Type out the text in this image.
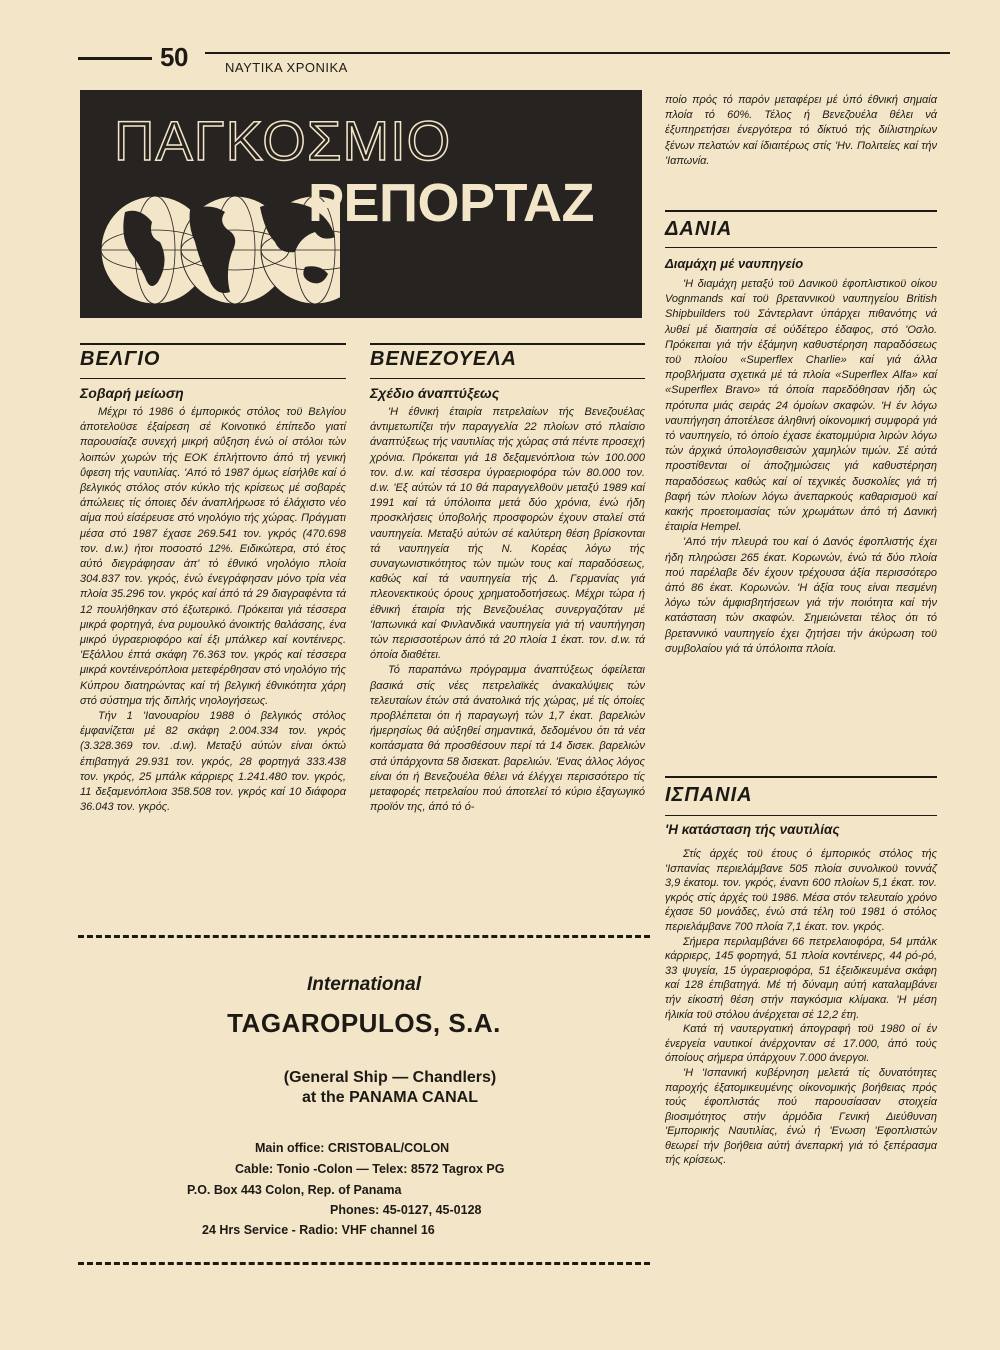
50	ΝΑΥΤΙΚΑ ΧΡΟΝΙΚΑ
ΠΑΓΚΟΣΜΙΟ
ΡΕΠΟΡΤΑΖ
ΒΕΛΓΙΟ
Σοβαρή μείωση

Μέχρι τό 1986 ό έμπορικός στόλος τοϋ Βελγίου άποτελοϋσε έξαίρεση σέ Κοινοτικό έπίπεδο γιατί παρουσίαζε συνεχή μικρή αΰξηση ένώ οί στόλοι τών λοιπών χωρών τής ΕΟΚ έπλήττοντο άπό τή γενική ΰφεση τής ναυτιλίας. 'Από τό 1987 όμως είσήλθε καί ό βελγικός στόλος στόν κύκλο τής κρίσεως μέ σοβαρές άπώλειες τίς όποιες δέν άναπλήρωσε τό έλάχιστο νέο αίμα πού είσέρευσε στό νηολόγιο τής χώρας. Πράγματι μέσα στό 1987 έχασε 269.541 τον. γκρός (470.698 τον. d.w.) ήτοι ποσοστό 12%. Ειδικώτερα, στό έτος αύτό διεγράφησαν άπ' τό έθνικό νηολόγιο πλοία 304.837 τον. γκρός, ένώ ένεγράφησαν μόνο τρία νέα πλοία 35.296 τον. γκρός καί άπό τά 29 διαγραφέντα τά 12 πουλήθηκαν στό έξωτερικό. Πρόκειται γιά τέσσερα μικρά φορτηγά, ένα ρυμουλκό άνοικτής θαλάσσης, ένα μικρό ύγραεριοφόρο καί έξι μπάλκερ καί κοντέινερς. 'Εξάλλου έπτά σκάφη 76.363 τον. γκρός καί τέσσερα μικρά κοντέινερόπλοια μετεφέρθησαν στό νηολόγιο τής Κύπρου διατηρώντας καί τή βελγική έθνικότητα χάρη στό σύστημα τής διπλής νηολογήσεως.

Τήν 1 'Ιανουαρίου 1988 ό βελγικός στόλος έμφανίζεται μέ 82 σκάφη 2.004.334 τον. γκρός (3.328.369 τον. .d.w). Μεταξύ αύτών είναι όκτώ έπιβατηγά 29.931 τον. γκρός, 28 φορτηγά 333.438 τον. γκρός, 25 μπάλκ κάρριερς 1.241.480 τον. γκρός, 11 δεξαμενόπλοια 358.508 τον. γκρός καί 10 διάφορα 36.043 τον. γκρός.

ΒΕΝΕΖΟΥΕΛΑ
Σχέδιο άναπτύξεως

'Η έθνική έταιρία πετρελαίων τής Βενεζουέλας άντιμετωπίζει τήν παραγγελία 22 πλοίων στό πλαίσιο άναπτύξεως τής ναυτιλίας τής χώρας στά πέντε προσεχή χρόνια. Πρόκειται γιά 18 δεξαμενόπλοια τών 100.000 τον. d.w. καί τέσσερα ύγραεριοφόρα τών 80.000 τον. d.w. 'Εξ αύτών τά 10 θά παραγγελθοϋν μεταξύ 1989 καί 1991 καί τά ύπόλοιπα μετά δύο χρόνια, ένώ ήδη προσκλήσεις ύποβολής προσφορών έχουν σταλεί στά ναυπηγεία. Μεταξύ αύτών σέ καλύτερη θέση βρίσκονται τά ναυπηγεία τής Ν. Κορέας λόγω τής συναγωνιστικότητος τών τιμών τους καί παραδόσεως, καθώς καί τά ναυπηγεία τής Δ. Γερμανίας γιά πλεονεκτικούς όρους χρηματοδοτήσεως. Μέχρι τώρα ή έθνική έταιρία τής Βενεζουέλας συνεργαζόταν μέ 'Ιαπωνικά καί Φινλανδικά ναυπηγεία γιά τή ναυπήγηση τών περισσοτέρων άπό τά 20 πλοία 1 έκατ. τον. d.w. τά όποία διαθέτει.

Τό παραπάνω πρόγραμμα άναπτύξεως όφείλεται βασικά στίς νέες πετρελαϊκές άνακαλύψεις τών τελευταίων έτών στά άνατολικά τής χώρας, μέ τίς όποίες προβλέπεται ότι ή παραγωγή τών 1,7 έκατ. βαρελιών ήμερησίως θά αύξηθεί σημαντικά, δεδομένου ότι τά νέα κοιτάσματα θά προσθέσουν περί τά 14 δισεκ. βαρελιών στά ύπάρχοντα 58 δισεκατ. βαρελιών. 'Ενας άλλος λόγος είναι ότι ή Βενεζουέλα θέλει νά έλέγχει περισσότερο τίς μεταφορές πετρελαίου πού άποτελεί τό κύριο έξαγωγικό προϊόν της, άπό τό ό-

ποίο πρός τό παρόν μεταφέρει μέ ύπό έθνική σημαία πλοία τό 60%. Τέλος ή Βενεζουέλα θέλει νά έξυπηρετήσει ένεργότερα τό δίκτυό τής διίλιστηρίων ξένων πελατών καί ίδιαιτέρως στίς 'Ην. Πολιτείες καί τήν 'Ιαπωνία.

ΔΑΝΙΑ
Διαμάχη μέ ναυπηγείο

'Η διαμάχη μεταξύ τοϋ Δανικοϋ έφοπλιστικοϋ οίκου Vognmands καί τοϋ βρεταννικοϋ ναυπηγείου British Shipbuilders τοϋ Σάντερλαντ ύπάρχει πιθανότης νά λυθεί μέ διαιτησία σέ ούδέτερο έδαφος, στό 'Οσλο. Πρόκειται γιά τήν έξάμηνη καθυστέρηση παραδόσεως τοϋ πλοίου «Superflex Charlie» καί γιά άλλα προβλήματα σχετικά μέ τά πλοία «Superflex Alfa» καί «Superflex Bravo» τά όποία παρεδόθησαν ήδη ώς πρότυπα μιάς σειράς 24 όμοίων σκαφών. 'Η έν λόγω ναυπήγηση άποτέλεσε άληθινή οίκονομική συμφορά γιά τό ναυπηγείο, τό όποίο έχασε έκατομμύρια λιρών λόγω τών άρχικά ύπολογισθεισών χαμηλών τιμών. Σέ αύτά προστίθενται οί άποζημιώσεις γιά καθυστέρηση παραδόσεως καθώς καί οί τεχνικές δυσκολίες γιά τή βαφή τών πλοίων λόγω άνεπαρκούς καθαρισμοϋ καί κακής προετοιμασίας τών χρωμάτων άπό τή Δανική έταιρία Hempel.

'Από τήν πλευρά του καί ό Δανός έφοπλιστής έχει ήδη πληρώσει 265 έκατ. Κορωνών, ένώ τά δύο πλοία πού παρέλαβε δέν έχουν τρέχουσα άξία περισσότερο άπό 86 έκατ. Κορωνών. 'Η άξία τους είναι πεσμένη λόγω τών άμφισβητήσεων γιά τήν ποιότητα καί τήν κατάσταση τών σκαφών. Σημειώνεται τέλος ότι τό βρεταννικό ναυπηγείο έχει ζητήσει τήν άκύρωση τοϋ συμβολαίου γιά τά ύπόλοιπα πλοία.

ΙΣΠΑΝΙΑ
'Η κατάσταση τής ναυτιλίας

Στίς άρχές τοϋ έτους ό έμπορικός στόλος τής 'Ισπανίας περιελάμβανε 505 πλοία συνολικοϋ τοννάζ 3,9 έκατομ. τον. γκρός, έναντι 600 πλοίων 5,1 έκατ. τον. γκρός στίς άρχές τοϋ 1986. Μέσα στόν τελευταίο χρόνο έχασε 50 μονάδες, ένώ στά τέλη τοϋ 1981 ό στόλος περιελάμβανε 700 πλοία 7,1 έκατ. τον. γκρός.

Σήμερα περιλαμβάνει 66 πετρελαιοφόρα, 54 μπάλκ κάρριερς, 145 φορτηγά, 51 πλοία κοντέινερς, 44 ρό-ρό, 33 ψυγεία, 15 ύγραεριοφόρα, 51 έξειδικευμένα σκάφη καί 128 έπιβατηγά. Μέ τή δύναμη αύτή καταλαμβάνει τήν είκοστή θέση στήν παγκόσμια κλίμακα. 'Η μέση ήλικία τοϋ στόλου άνέρχεται σέ 12,2 έτη.

Κατά τή ναυτεργατική άπογραφή τοϋ 1980 οί έν ένεργεία ναυτικοί άνέρχονταν σέ 17.000, άπό τούς όποίους σήμερα ύπάρχουν 7.000 άνεργοι.

'Η 'Ισπανική κυβέρνηση μελετά τίς δυνατότητες παροχής έξατομικευμένης οίκονομικής βοήθειας πρός τούς έφοπλιστάς πού παρουσίασαν στοιχεία βιοσιμότητος στήν άρμόδια Γενική Διεύθυνση 'Εμπορικής Ναυτιλίας, ένώ ή 'Ενωση 'Εφοπλιστών θεωρεί τήν βοήθεια αύτή άνεπαρκή γιά τό ξεπέρασμα τής κρίσεως.

International
TAGAROPULOS, S.A.
(General Ship — Chandlers)
at the PANAMA CANAL
Main office: CRISTOBAL/COLON
Cable: Tonio -Colon — Telex: 8572 Tagrox PG
P.O. Box 443 Colon, Rep. of Panama
Phones: 45-0127, 45-0128
24 Hrs Service - Radio: VHF channel 16
